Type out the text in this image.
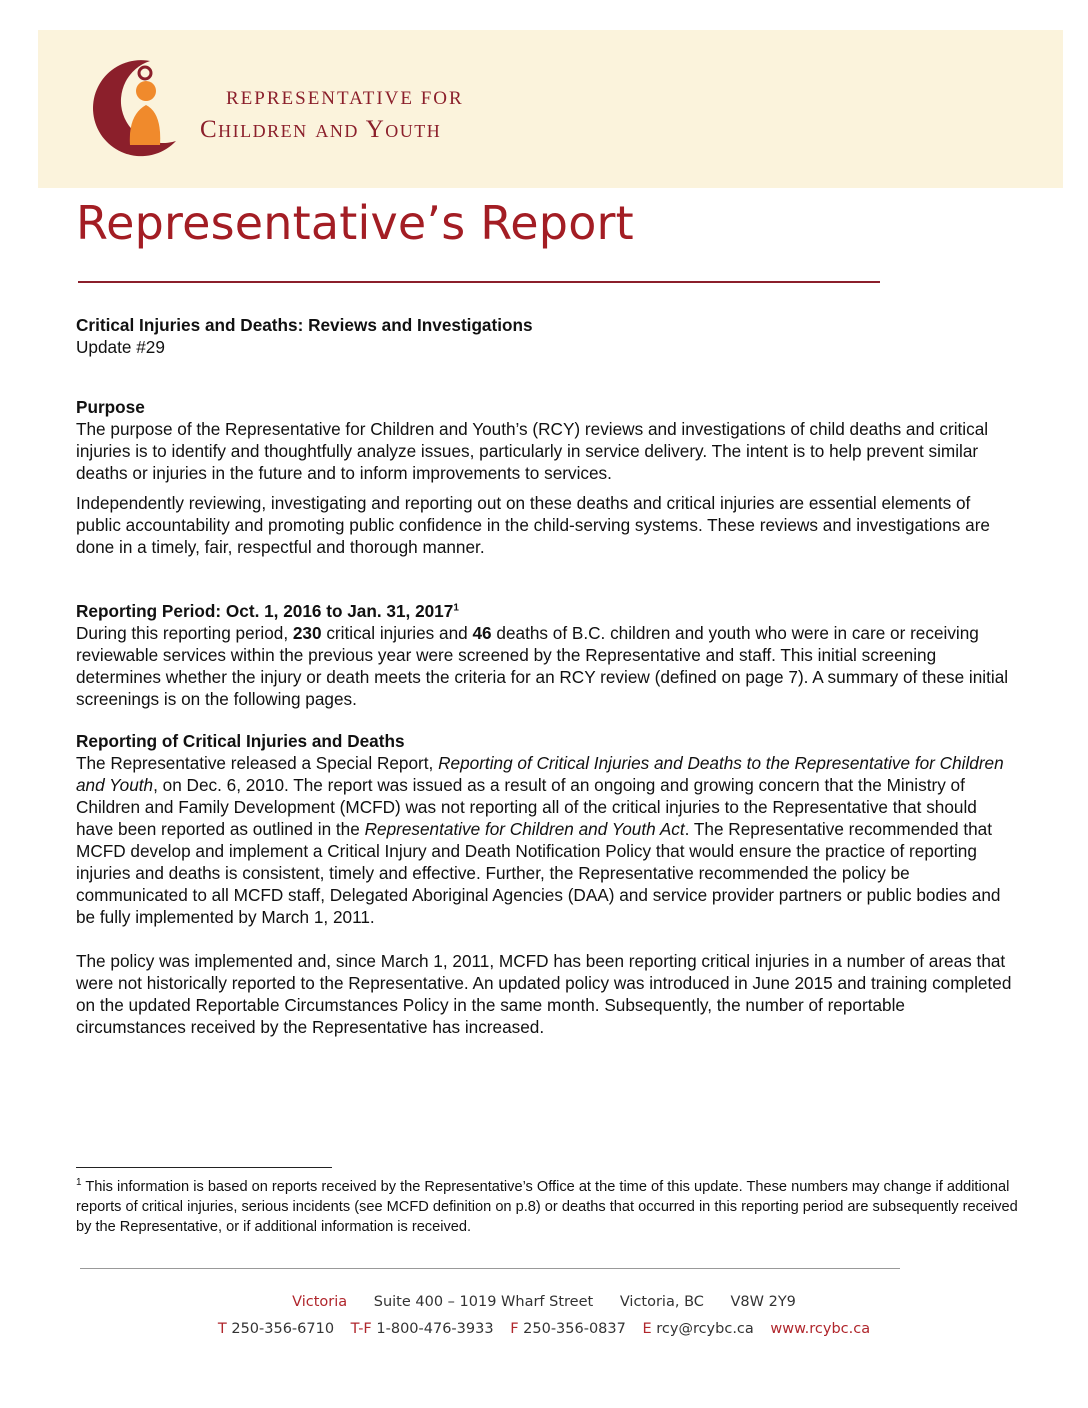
REPRESENTATIVE FOR
Children and Youth
Representative’s Report

Critical Injuries and Deaths: Reviews and Investigations

Update #29

Purpose

The purpose of the Representative for Children and Youth’s (RCY) reviews and investigations of child deaths and critical injuries is to identify and thoughtfully analyze issues, particularly in service delivery. The intent is to help prevent similar deaths or injuries in the future and to inform improvements to services.

Independently reviewing, investigating and reporting out on these deaths and critical injuries are essential elements of public accountability and promoting public confidence in the child-serving systems. These reviews and investigations are done in a timely, fair, respectful and thorough manner.

Reporting Period: Oct. 1, 2016 to Jan. 31, 2017$^1$

During this reporting period, 230 critical injuries and 46 deaths of B.C. children and youth who were in care or receiving reviewable services within the previous year were screened by the Representative and staff. This initial screening determines whether the injury or death meets the criteria for an RCY review (defined on page 7). A summary of these initial screenings is on the following pages.

Reporting of Critical Injuries and Deaths

The Representative released a Special Report, Reporting of Critical Injuries and Deaths to the Representative for Children and Youth, on Dec. 6, 2010. The report was issued as a result of an ongoing and growing concern that the Ministry of Children and Family Development (MCFD) was not reporting all of the critical injuries to the Representative that should have been reported as outlined in the Representative for Children and Youth Act. The Representative recommended that MCFD develop and implement a Critical Injury and Death Notification Policy that would ensure the practice of reporting injuries and deaths is consistent, timely and effective. Further, the Representative recommended the policy be communicated to all MCFD staff, Delegated Aboriginal Agencies (DAA) and service provider partners or public bodies and be fully implemented by March 1, 2011.

The policy was implemented and, since March 1, 2011, MCFD has been reporting critical injuries in a number of areas that were not historically reported to the Representative. An updated policy was introduced in June 2015 and training completed on the updated Reportable Circumstances Policy in the same month. Subsequently, the number of reportable circumstances received by the Representative has increased.

$^1$ This information is based on reports received by the Representative’s Office at the time of this update. These numbers may change if additional reports of critical injuries, serious incidents (see MCFD definition on p.8) or deaths that occurred in this reporting period are subsequently received by the Representative, or if additional information is received.

Victoria Suite 400 – 1019 Wharf Street Victoria, BC V8W 2Y9
T 250-356-6710 T-F 1-800-476-3933 F 250-356-0837 E rcy@rcybc.ca www.rcybc.ca
